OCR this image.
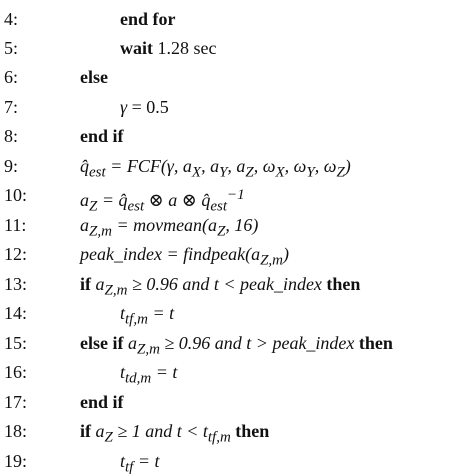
4:	end for
5:	wait 1.28 sec
6:	else
7:	γ = 0.5
8:	end if
9:	$q̂_{est} = FCF(\gamma$, $a_X$, $a_Y$, $a_Z$, $\omega_X$, $\omega_Y$, $\omega_Z$)
10:	$a_Z$ = $q̂_{est}$ ⊗ a ⊗ $q̂_{est}^{-1}$
11:	$a_{Z,m}$ = $movmean(a_Z$, 16)
12:	peak_index = $findpeak(a_{Z,m})$
13:	if $a_{Z,m} \ge 0.96$ and t < peak_index then
14:	$t_{tf,m} = t$
15:	else if $a_{Z,m} \ge 0.96$ and t > peak_index then
16:	$t_{td,m} = t$
17:	end if
18:	if $a_Z \ge 1$ and $t < t_{tf,m}$ then
19:	$t_{tf} = t$
